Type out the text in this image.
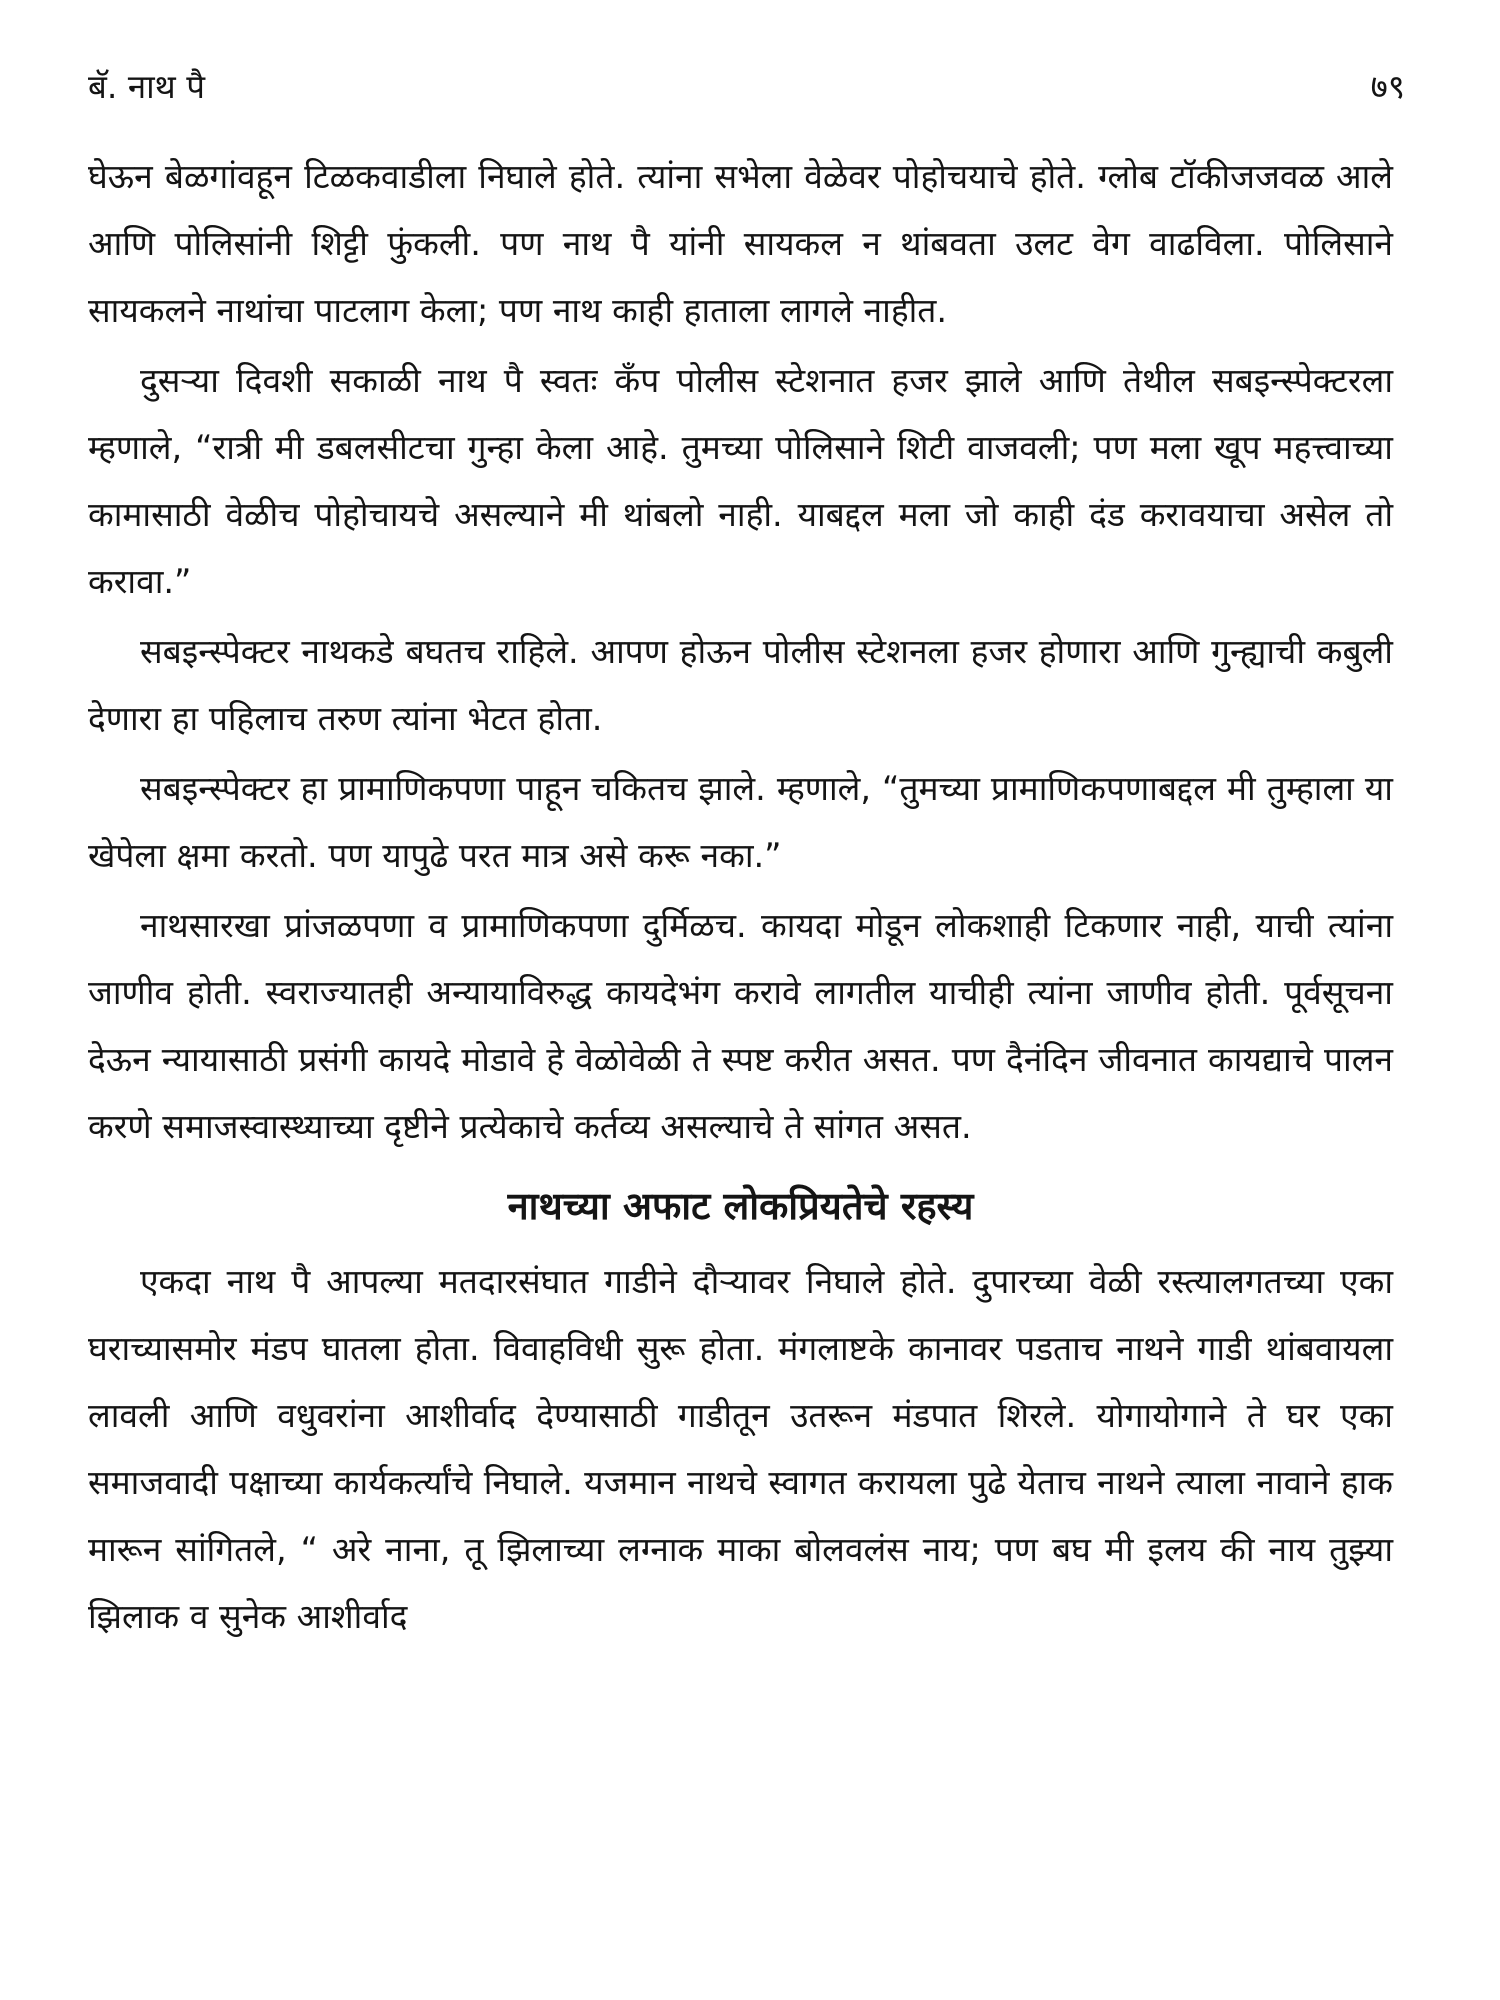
बॅ. नाथ पै	७९

घेऊन बेळगांवहून टिळकवाडीला निघाले होते. त्यांना सभेला वेळेवर पोहोचयाचे होते. ग्लोब टॉकीजजवळ आले आणि पोलिसांनी शिट्टी फुंकली. पण नाथ पै यांनी सायकल न थांबवता उलट वेग वाढविला. पोलिसाने सायकलने नाथांचा पाटलाग केला; पण नाथ काही हाताला लागले नाहीत.

दुसऱ्या दिवशी सकाळी नाथ पै स्वतः कँप पोलीस स्टेशनात हजर झाले आणि तेथील सबइन्स्पेक्टरला म्हणाले, “रात्री मी डबलसीटचा गुन्हा केला आहे. तुमच्या पोलिसाने शिटी वाजवली; पण मला खूप महत्त्वाच्या कामासाठी वेळीच पोहोचायचे असल्याने मी थांबलो नाही. याबद्दल मला जो काही दंड करावयाचा असेल तो करावा.”

सबइन्स्पेक्टर नाथकडे बघतच राहिले. आपण होऊन पोलीस स्टेशनला हजर होणारा आणि गुन्ह्याची कबुली देणारा हा पहिलाच तरुण त्यांना भेटत होता.

सबइन्स्पेक्टर हा प्रामाणिकपणा पाहून चकितच झाले. म्हणाले, “तुमच्या प्रामाणिकपणाबद्दल मी तुम्हाला या खेपेला क्षमा करतो. पण यापुढे परत मात्र असे करू नका.”

नाथसारखा प्रांजळपणा व प्रामाणिकपणा दुर्मिळच. कायदा मोडून लोकशाही टिकणार नाही, याची त्यांना जाणीव होती. स्वराज्यातही अन्यायाविरुद्ध कायदेभंग करावे लागतील याचीही त्यांना जाणीव होती. पूर्वसूचना देऊन न्यायासाठी प्रसंगी कायदे मोडावे हे वेळोवेळी ते स्पष्ट करीत असत. पण दैनंदिन जीवनात कायद्याचे पालन करणे समाजस्वास्थ्याच्या दृष्टीने प्रत्येकाचे कर्तव्य असल्याचे ते सांगत असत.

नाथच्या अफाट लोकप्रियतेचे रहस्य

एकदा नाथ पै आपल्या मतदारसंघात गाडीने दौऱ्यावर निघाले होते. दुपारच्या वेळी रस्त्यालगतच्या एका घराच्यासमोर मंडप घातला होता. विवाहविधी सुरू होता. मंगलाष्टके कानावर पडताच नाथने गाडी थांबवायला लावली आणि वधुवरांना आशीर्वाद देण्यासाठी गाडीतून उतरून मंडपात शिरले. योगायोगाने ते घर एका समाजवादी पक्षाच्या कार्यकर्त्यांचे निघाले. यजमान नाथचे स्वागत करायला पुढे येताच नाथने त्याला नावाने हाक मारून सांगितले, “ अरे नाना, तू झिलाच्या लग्नाक माका बोलवलंस नाय; पण बघ मी इलय की नाय तुझ्या झिलाक व सुनेक आशीर्वाद
